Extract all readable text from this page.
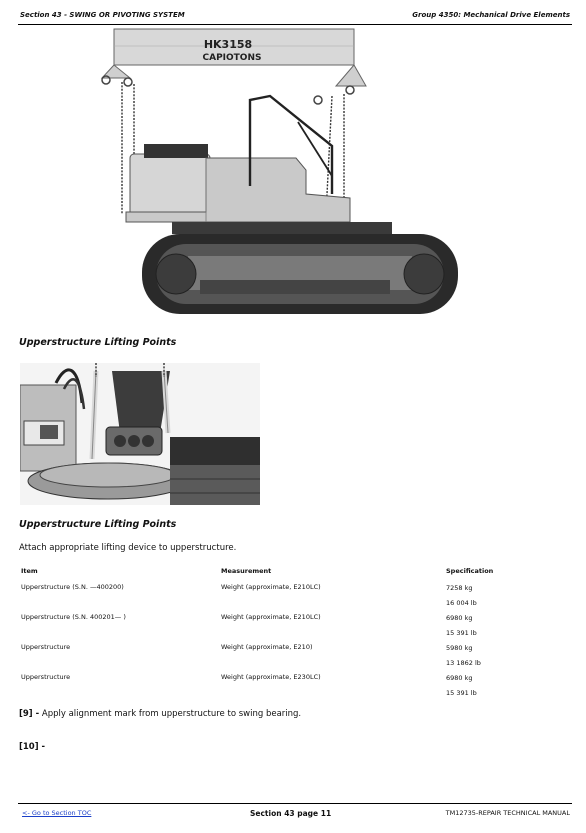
Section 43 - SWING OR PIVOTING SYSTEM	Group 4350: Mechanical Drive Elements
HK3158
CAPIOTONS
Upperstructure Lifting Points
Upperstructure Lifting Points
Attach appropriate lifting device to upperstructure.
Item	Measurement	Specification
Upperstructure (S.N. —400200)	Weight (approximate, E210LC)	7258 kg
16 004 lb
Upperstructure (S.N. 400201— )	Weight (approximate, E210LC)	6980 kg
15 391 lb
Upperstructure	Weight (approximate, E210)	5980 kg
13 1862 lb
Upperstructure	Weight (approximate, E230LC)	6980 kg
15 391 lb
[9] - Apply alignment mark from upperstructure to swing bearing.
[10] -
<- Go to Section TOC	Section 43 page 11	TM12735-REPAIR TECHNICAL MANUAL
